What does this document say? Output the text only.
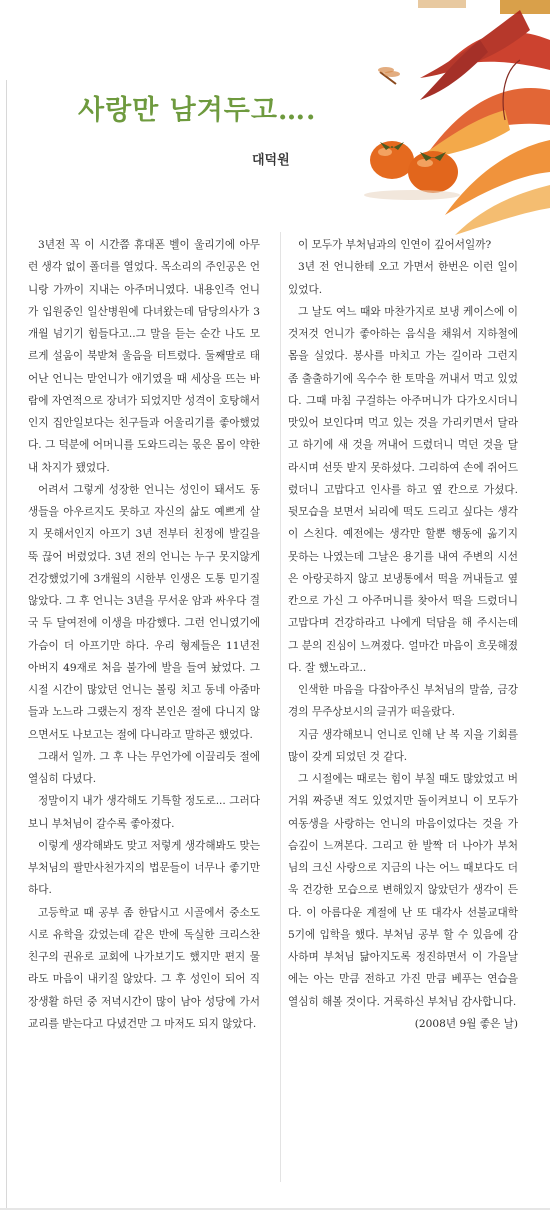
사랑만 남겨두고….
대덕원

3년전 꼭 이 시간쯤 휴대폰 벨이 울리기에 아무런 생각 없이 폴더를 열었다. 목소리의 주인공은 언니랑 가까이 지내는 아주머니였다. 내용인즉 언니가 입원중인 일산병원에 다녀왔는데 담당의사가 3개월 넘기기 힘들다고..그 말을 듣는 순간 나도 모르게 설움이 북받쳐 울음을 터트렸다. 둘째딸로 태어난 언니는 맏언니가 애기였을 때 세상을 뜨는 바람에 자연적으로 장녀가 되었지만 성격이 호탕해서인지 집안일보다는 친구들과 어울리기를 좋아했었다. 그 덕분에 어머니를 도와드리는 몫은 몸이 약한 내 차지가 됐었다.

어려서 그렇게 성장한 언니는 성인이 돼서도 동생들을 아우르지도 못하고 자신의 삶도 예쁘게 살지 못해서인지 아프기 3년 전부터 친정에 발길을 뚝 끊어 버렸었다. 3년 전의 언니는 누구 못지않게 건강했었기에 3개월의 시한부 인생은 도통 믿기질 않았다. 그 후 언니는 3년을 무서운 암과 싸우다 결국 두 달여전에 이생을 마감했다. 그런 언니였기에 가슴이 더 아프기만 하다. 우리 형제들은 11년전 아버지 49재로 처음 불가에 발을 들여 놨었다. 그 시절 시간이 많았던 언니는 볼링 치고 동네 아줌마들과 노느라 그랬는지 정작 본인은 절에 다니지 않으면서도 나보고는 절에 다니라고 말하곤 했었다.

그래서 일까. 그 후 나는 무언가에 이끌리듯 절에 열심히 다녔다.

정말이지 내가 생각해도 기특할 정도로... 그러다보니 부처님이 갈수록 좋아졌다.

이렇게 생각해봐도 맞고 저렇게 생각해봐도 맞는 부처님의 팔만사천가지의 법문들이 너무나 좋기만 하다.

고등학교 때 공부 좀 한답시고 시골에서 중소도시로 유학을 갔었는데 같은 반에 독실한 크리스찬 친구의 권유로 교회에 나가보기도 했지만 편지 물라도 마음이 내키질 않았다. 그 후 성인이 되어 직장생활 하던 중 저녁시간이 많이 남아 성당에 가서 교리를 받는다고 다녔건만 그 마저도 되지 않았다.

이 모두가 부처님과의 인연이 깊어서일까?

3년 전 언니한테 오고 가면서 한번은 이런 일이 있었다.

그 날도 여느 때와 마찬가지로 보냉 케이스에 이것저것 언니가 좋아하는 음식을 채워서 지하철에 몸을 실었다. 봉사를 마치고 가는 길이라 그런지 좀 출출하기에 옥수수 한 토막을 꺼내서 먹고 있었다. 그때 마침 구걸하는 아주머니가 다가오시더니 맛있어 보인다며 먹고 있는 것을 가리키면서 달라고 하기에 새 것을 꺼내어 드렸더니 먹던 것을 달라시며 선뜻 받지 못하셨다. 그리하여 손에 쥐어드렸더니 고맙다고 인사를 하고 옆 칸으로 가셨다. 뒷모습을 보면서 뇌리에 떡도 드리고 싶다는 생각이 스친다. 예전에는 생각만 할뿐 행동에 옮기지 못하는 나였는데 그날은 용기를 내여 주변의 시선은 아랑곳하지 않고 보냉통에서 떡을 꺼내들고 옆 칸으로 가신 그 아주머니를 찾아서 떡을 드렸더니 고맙다며 건강하라고 나에게 덕담을 해 주시는데 그 분의 진심이 느껴졌다. 얼마간 마음이 흐뭇해졌다. 잘 했노라고..

인색한 마음을 다잡아주신 부처님의 말씀, 금강경의 무주상보시의 글귀가 떠올랐다.

지금 생각해보니 언니로 인해 난 복 지을 기회를 많이 갖게 되었던 것 같다.

그 시절에는 때로는 힘이 부칠 때도 많았었고 버거워 짜증낸 적도 있었지만 돌이켜보니 이 모두가 여동생을 사랑하는 언니의 마음이었다는 것을 가슴깊이 느껴본다. 그리고 한 발짝 더 나아가 부처님의 크신 사랑으로 지금의 나는 어느 때보다도 더욱 건강한 모습으로 변해있지 않았던가 생각이 든다. 이 아름다운 계절에 난 또 대각사 선불교대학 5기에 입학을 했다. 부처님 공부 할 수 있음에 감사하며 부처님 닮아지도록 정진하면서 이 가을날에는 아는 만큼 전하고 가진 만큼 베푸는 연습을 열심히 해볼 것이다. 거룩하신 부처님 감사합니다.

(2008년 9월 좋은 날)
